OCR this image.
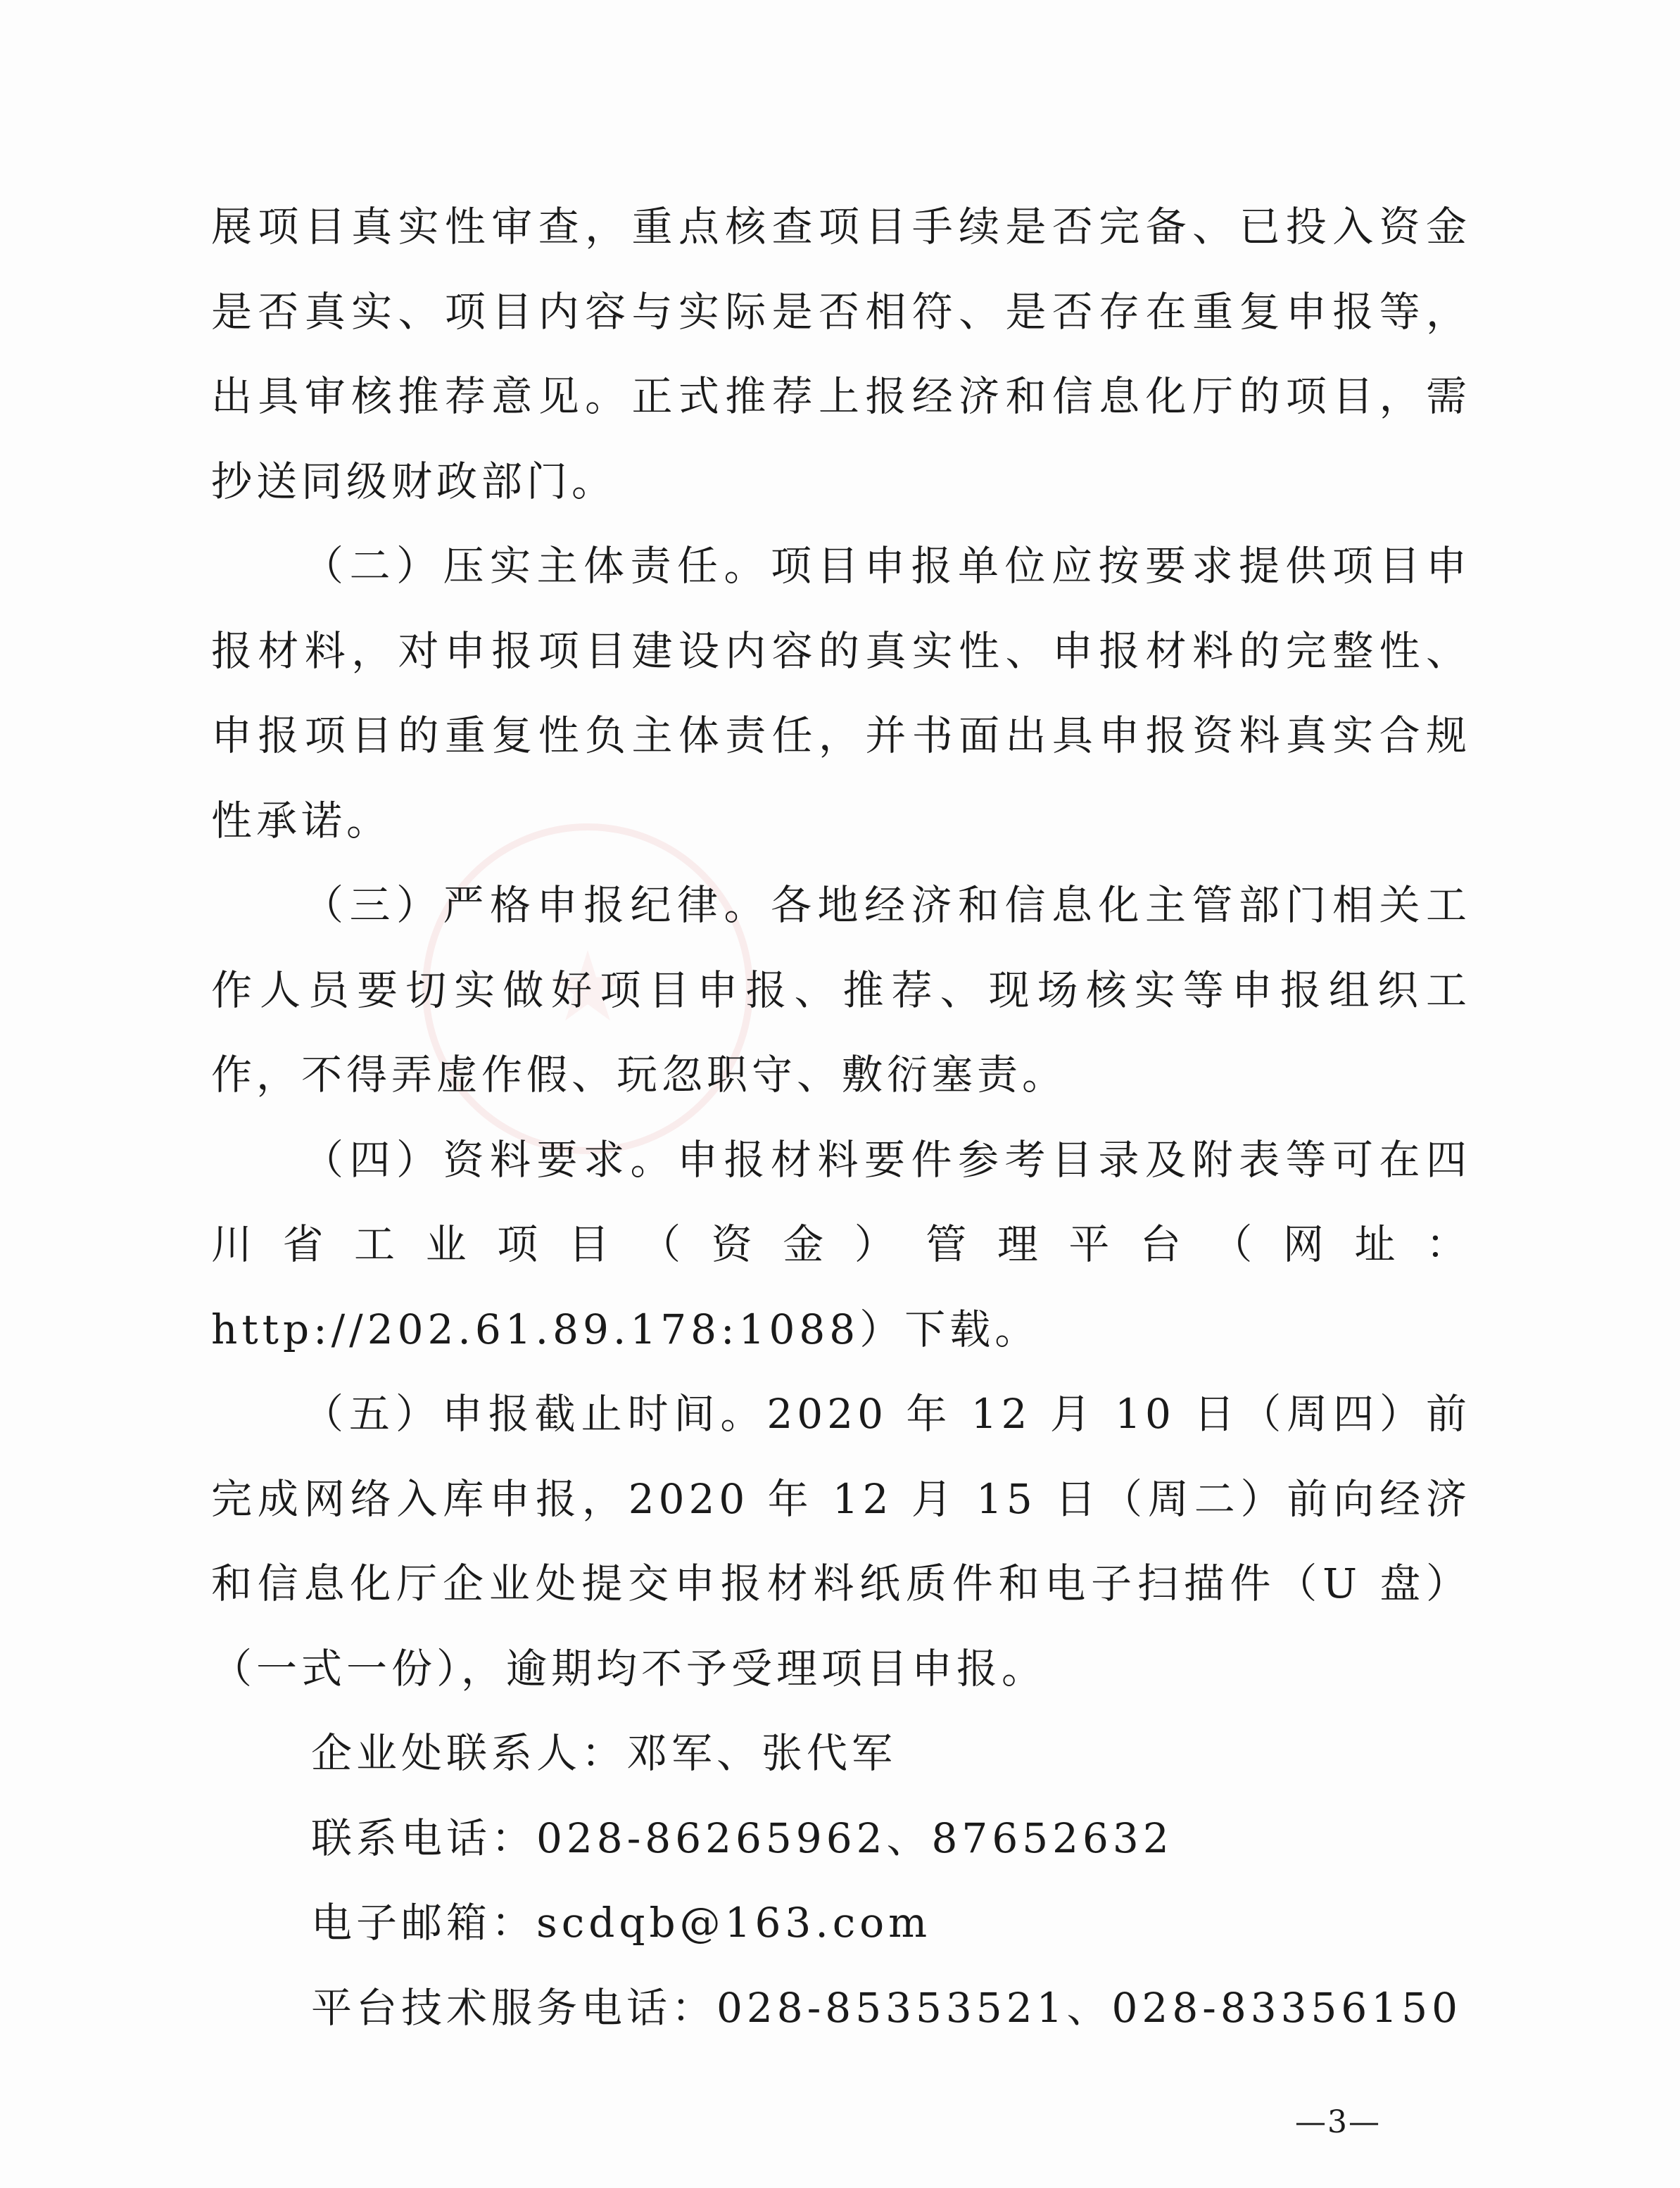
展项目真实性审查，重点核查项目手续是否完备、已投入资金是否真实、项目内容与实际是否相符、是否存在重复申报等，出具审核推荐意见。正式推荐上报经济和信息化厅的项目，需抄送同级财政部门。

（二）压实主体责任。项目申报单位应按要求提供项目申报材料，对申报项目建设内容的真实性、申报材料的完整性、申报项目的重复性负主体责任，并书面出具申报资料真实合规性承诺。

（三）严格申报纪律。各地经济和信息化主管部门相关工作人员要切实做好项目申报、推荐、现场核实等申报组织工作，不得弄虚作假、玩忽职守、敷衍塞责。

（四）资料要求。申报材料要件参考目录及附表等可在四川省工业项目（资金）管理平台（网址：http://202.61.89.178:1088）下载。

（五）申报截止时间。2020 年 12 月 10 日（周四）前完成网络入库申报，2020 年 12 月 15 日（周二）前向经济和信息化厅企业处提交申报材料纸质件和电子扫描件（U 盘）（一式一份），逾期均不予受理项目申报。

企业处联系人：邓军、张代军

联系电话：028-86265962、87652632

电子邮箱：scdqb@163.com

平台技术服务电话：028-85353521、028-83356150

—3—
